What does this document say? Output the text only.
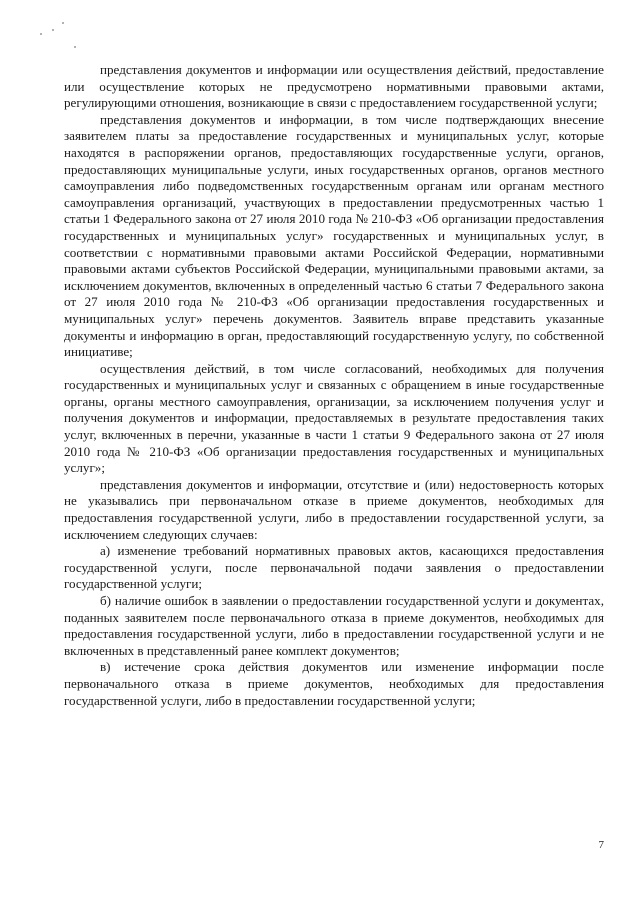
представления документов и информации или осуществления действий, предоставление или осуществление которых не предусмотрено нормативными правовыми актами, регулирующими отношения, возникающие в связи с предоставлением государственной услуги;

представления документов и информации, в том числе подтверждающих внесение заявителем платы за предоставление государственных и муниципальных услуг, которые находятся в распоряжении органов, предоставляющих государственные услуги, органов, предоставляющих муниципальные услуги, иных государственных органов, органов местного самоуправления либо подведомственных государственным органам или органам местного самоуправления организаций, участвующих в предоставлении предусмотренных частью 1 статьи 1 Федерального закона от 27 июля 2010 года № 210-ФЗ «Об организации предоставления государственных и муниципальных услуг» государственных и муниципальных услуг, в соответствии с нормативными правовыми актами Российской Федерации, нормативными правовыми актами субъектов Российской Федерации, муниципальными правовыми актами, за исключением документов, включенных в определенный частью 6 статьи 7 Федерального закона от 27 июля 2010 года № 210-ФЗ «Об организации предоставления государственных и муниципальных услуг» перечень документов. Заявитель вправе представить указанные документы и информацию в орган, предоставляющий государственную услугу, по собственной инициативе;

осуществления действий, в том числе согласований, необходимых для получения государственных и муниципальных услуг и связанных с обращением в иные государственные органы, органы местного самоуправления, организации, за исключением получения услуг и получения документов и информации, предоставляемых в результате предоставления таких услуг, включенных в перечни, указанные в части 1 статьи 9 Федерального закона от 27 июля 2010 года № 210-ФЗ «Об организации предоставления государственных и муниципальных услуг»;

представления документов и информации, отсутствие и (или) недостоверность которых не указывались при первоначальном отказе в приеме документов, необходимых для предоставления государственной услуги, либо в предоставлении государственной услуги, за исключением следующих случаев:

а) изменение требований нормативных правовых актов, касающихся предоставления государственной услуги, после первоначальной подачи заявления о предоставлении государственной услуги;

б) наличие ошибок в заявлении о предоставлении государственной услуги и документах, поданных заявителем после первоначального отказа в приеме документов, необходимых для предоставления государственной услуги, либо в предоставлении государственной услуги и не включенных в представленный ранее комплект документов;

в) истечение срока действия документов или изменение информации после первоначального отказа в приеме документов, необходимых для предоставления государственной услуги, либо в предоставлении государственной услуги;

7
